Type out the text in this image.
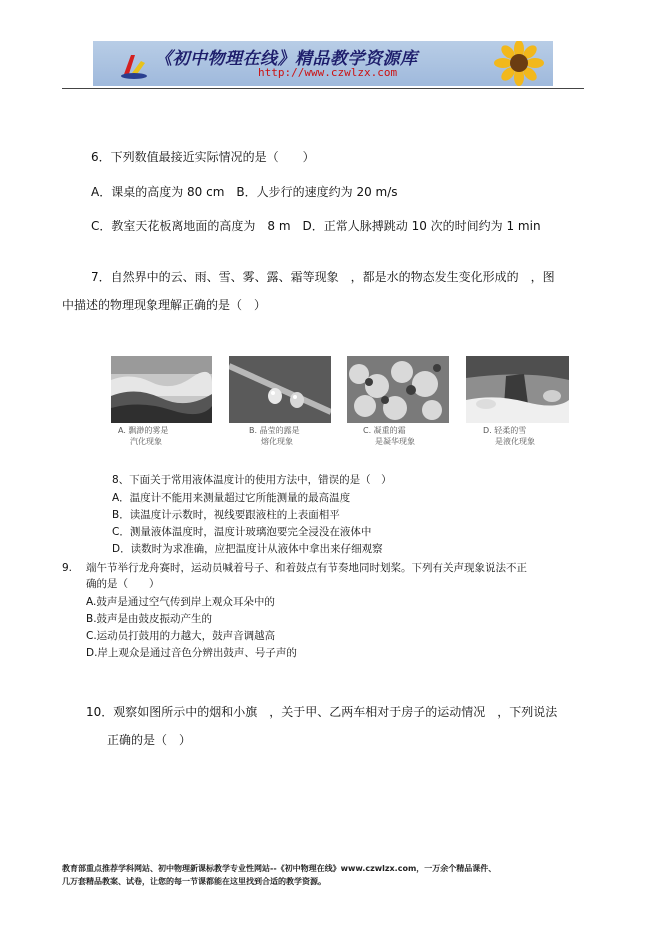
《初中物理在线》精品教学资源库
http://www.czwlzx.com
6．下列数值最接近实际情况的是（　　）
A．课桌的高度为 80 cm　B．人步行的速度约为 20 m/s
C．教室天花板离地面的高度为　8 m　D．正常人脉搏跳动 10 次的时间约为 1 min
7．自然界中的云、雨、雪、雾、露、霜等现象　，都是水的物态发生变化形成的　，图
中描述的物理现象理解正确的是（　）
A. 飘渺的雾是
汽化现象
B. 晶莹的露是
熔化现象
C. 凝重的霜
是凝华现象
D. 轻柔的雪
是液化现象
8、下面关于常用液体温度计的使用方法中，错误的是（　）
A．温度计不能用来测量超过它所能测量的最高温度
B．读温度计示数时，视线要跟液柱的上表面相平
C．测量液体温度时，温度计玻璃泡要完全浸没在液体中
D．读数时为求准确，应把温度计从液体中拿出来仔细观察
9. 端午节举行龙舟赛时，运动员喊着号子、和着鼓点有节奏地同时划桨。下列有关声现象说法不正
确的是（　　）
A.鼓声是通过空气传到岸上观众耳朵中的
B.鼓声是由鼓皮振动产生的
C.运动员打鼓用的力越大，鼓声音调越高
D.岸上观众是通过音色分辨出鼓声、号子声的
10．观察如图所示中的烟和小旗　，关于甲、乙两车相对于房子的运动情况　，下列说法
正确的是（　）
教育部重点推荐学科网站、初中物理新课标教学专业性网站--《初中物理在线》www.czwlzx.com，一万余个精品课件、
几万套精品教案、试卷，让您的每一节课都能在这里找到合适的教学资源。
